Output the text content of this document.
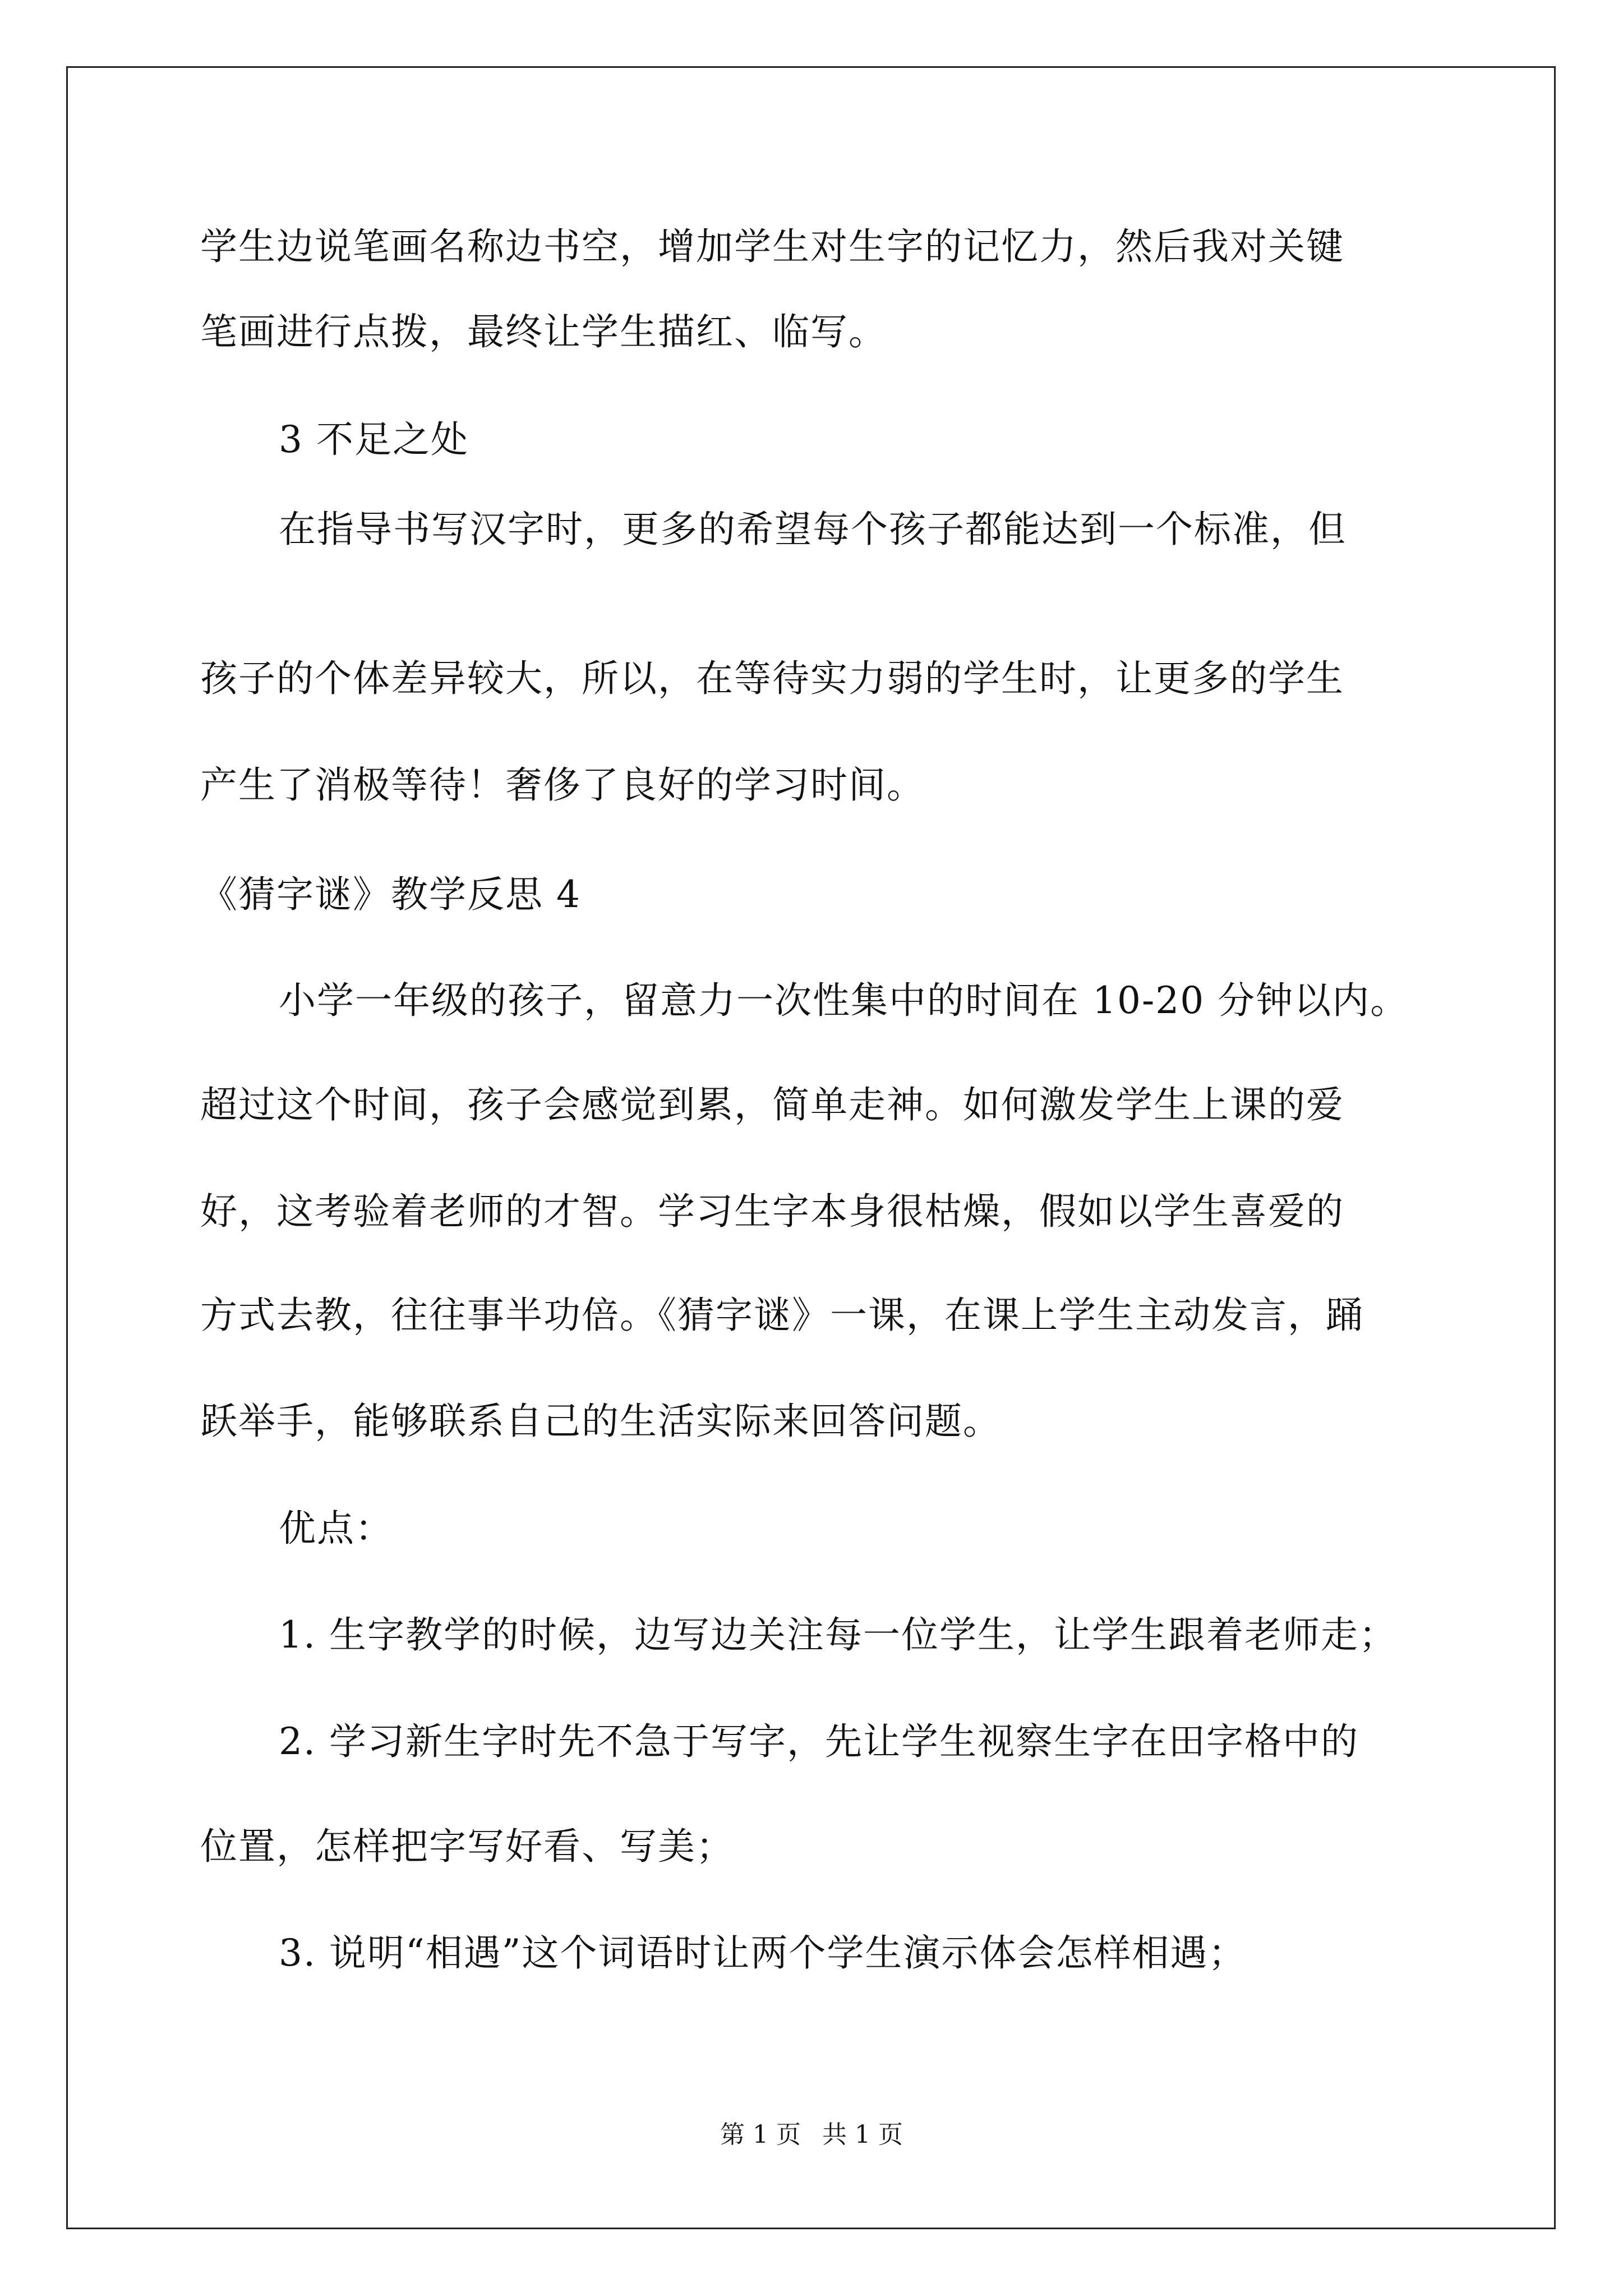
学生边说笔画名称边书空，增加学生对生字的记忆力，然后我对关键
笔画进行点拨，最终让学生描红、临写。
3 不足之处
在指导书写汉字时，更多的希望每个孩子都能达到一个标准，但
孩子的个体差异较大，所以，在等待实力弱的学生时，让更多的学生
产生了消极等待！奢侈了良好的学习时间。
《猜字谜》教学反思 4
小学一年级的孩子，留意力一次性集中的时间在 10-20 分钟以内。
超过这个时间，孩子会感觉到累，简单走神。如何激发学生上课的爱
好，这考验着老师的才智。学习生字本身很枯燥，假如以学生喜爱的
方式去教，往往事半功倍。《猜字谜》一课，在课上学生主动发言，踊
跃举手，能够联系自己的生活实际来回答问题。
优点：
1. 生字教学的时候，边写边关注每一位学生，让学生跟着老师走；
2. 学习新生字时先不急于写字，先让学生视察生字在田字格中的
位置，怎样把字写好看、写美；
3. 说明“相遇”这个词语时让两个学生演示体会怎样相遇；
第 1 页 共 1 页
